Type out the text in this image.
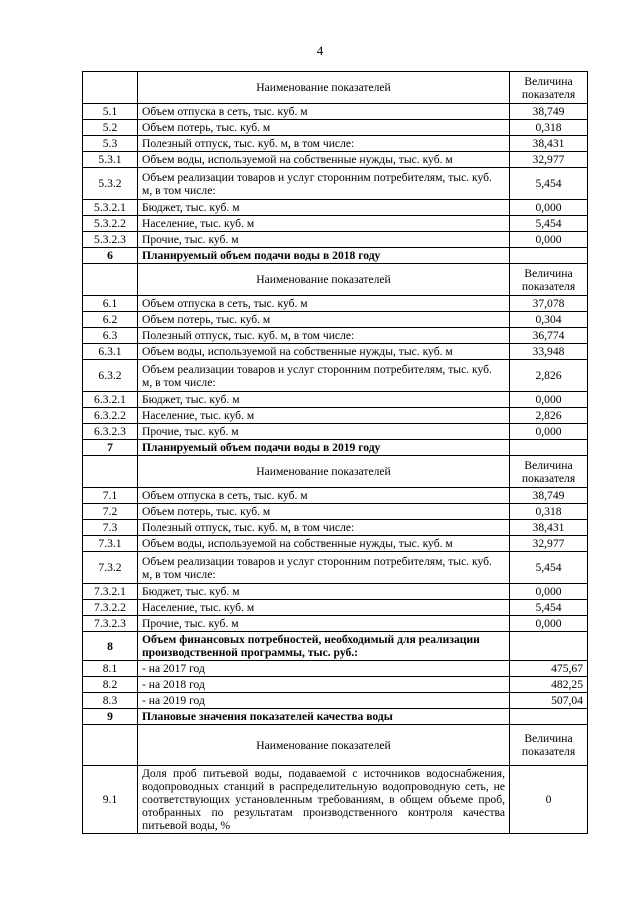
4
	Наименование показателей	Величина показателя
5.1	Объем отпуска в сеть, тыс. куб. м	38,749
5.2	Объем потерь, тыс. куб. м	0,318
5.3	Полезный отпуск, тыс. куб. м, в том числе:	38,431
5.3.1	Объем воды, используемой на собственные нужды, тыс. куб. м	32,977
5.3.2	Объем реализации товаров и услуг сторонним потребителям, тыс. куб. м, в том числе:	5,454
5.3.2.1	Бюджет, тыс. куб. м	0,000
5.3.2.2	Население, тыс. куб. м	5,454
5.3.2.3	Прочие, тыс. куб. м	0,000
6	Планируемый объем подачи воды в 2018 году	
	Наименование показателей	Величина показателя
6.1	Объем отпуска в сеть, тыс. куб. м	37,078
6.2	Объем потерь, тыс. куб. м	0,304
6.3	Полезный отпуск, тыс. куб. м, в том числе:	36,774
6.3.1	Объем воды, используемой на собственные нужды, тыс. куб. м	33,948
6.3.2	Объем реализации товаров и услуг сторонним потребителям, тыс. куб. м, в том числе:	2,826
6.3.2.1	Бюджет, тыс. куб. м	0,000
6.3.2.2	Население, тыс. куб. м	2,826
6.3.2.3	Прочие, тыс. куб. м	0,000
7	Планируемый объем подачи воды в 2019 году	
	Наименование показателей	Величина показателя
7.1	Объем отпуска в сеть, тыс. куб. м	38,749
7.2	Объем потерь, тыс. куб. м	0,318
7.3	Полезный отпуск, тыс. куб. м, в том числе:	38,431
7.3.1	Объем воды, используемой на собственные нужды, тыс. куб. м	32,977
7.3.2	Объем реализации товаров и услуг сторонним потребителям, тыс. куб. м, в том числе:	5,454
7.3.2.1	Бюджет, тыс. куб. м	0,000
7.3.2.2	Население, тыс. куб. м	5,454
7.3.2.3	Прочие, тыс. куб. м	0,000
8	Объем финансовых потребностей, необходимый для реализации производственной программы, тыс. руб.:	
8.1	- на 2017 год	475,67
8.2	- на 2018 год	482,25
8.3	- на 2019 год	507,04
9	Плановые значения показателей качества воды	
	Наименование показателей	Величина показателя
9.1	Доля проб питьевой воды, подаваемой с источников водоснабжения, водопроводных станций в распределительную водопроводную сеть, не соответствующих установленным требованиям, в общем объеме проб, отобранных по результатам производственного контроля качества питьевой воды, %	0
